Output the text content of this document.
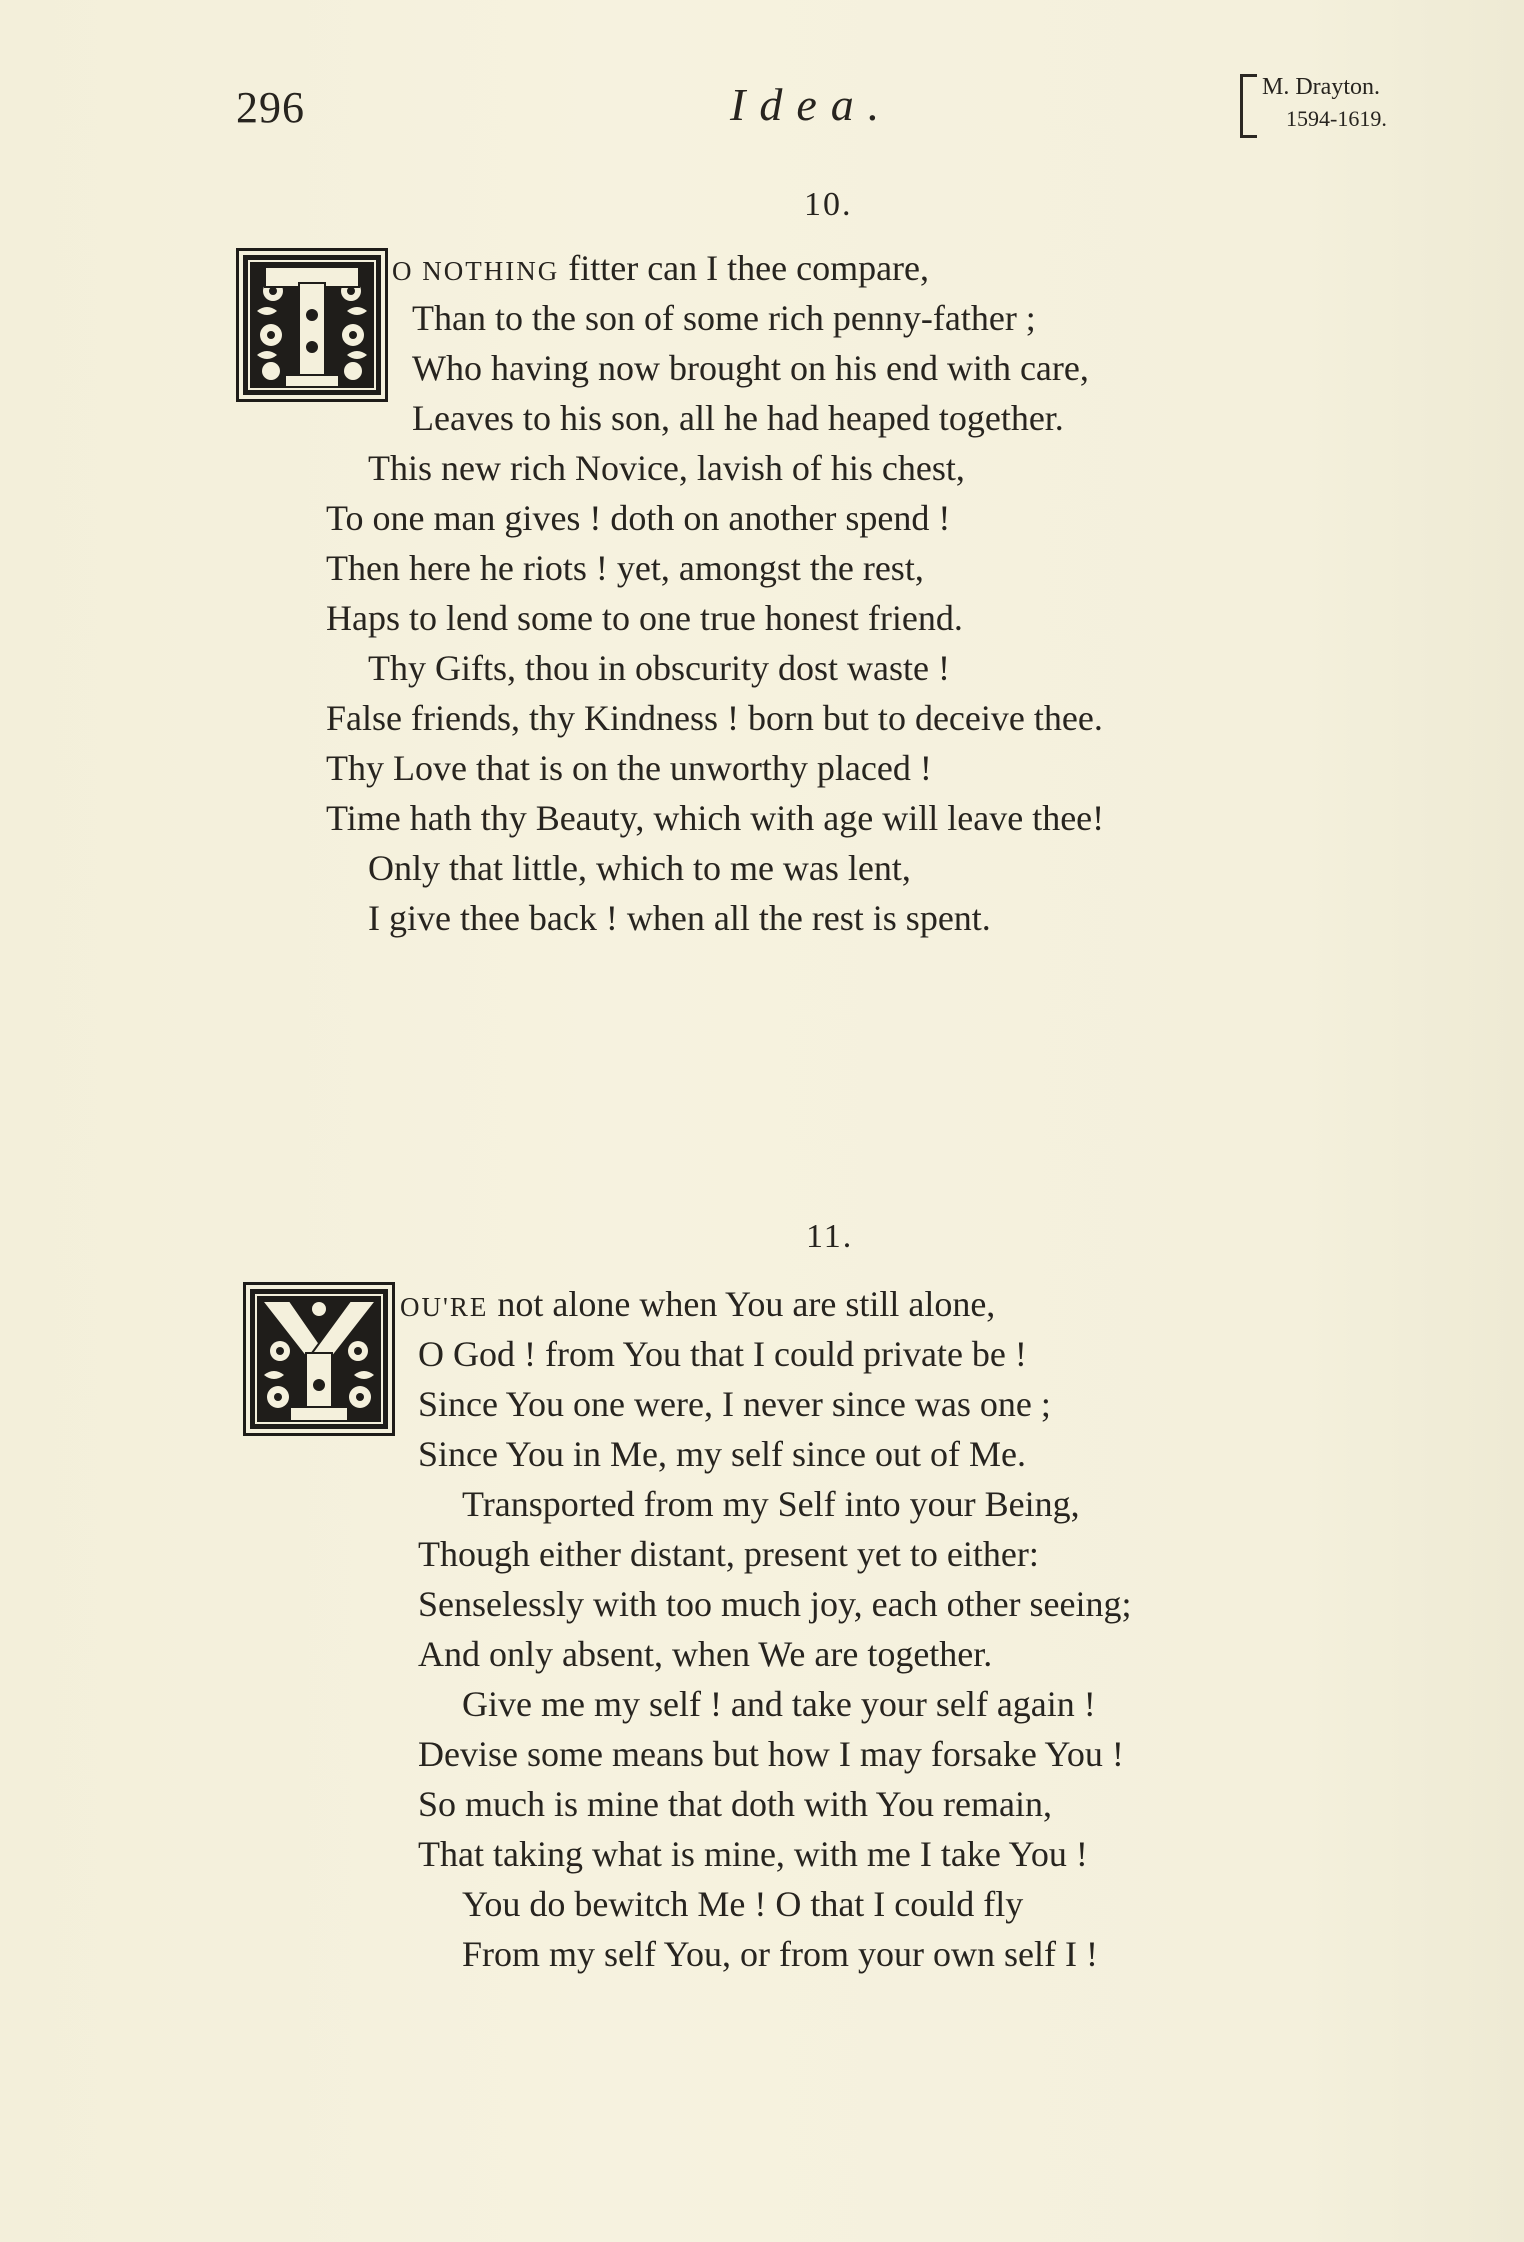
296	Idea.	M. Drayton.
1594-1619.
10.
O NOTHING fitter can I thee compare,
Than to the son of some rich penny-father ;
Who having now brought on his end with care,
Leaves to his son, all he had heaped together.
This new rich Novice, lavish of his chest,
To one man gives ! doth on another spend !
Then here he riots ! yet, amongst the rest,
Haps to lend some to one true honest friend.
Thy Gifts, thou in obscurity dost waste !
False friends, thy Kindness ! born but to deceive thee.
Thy Love that is on the unworthy placed !
Time hath thy Beauty, which with age will leave thee!
Only that little, which to me was lent,
I give thee back ! when all the rest is spent.
11.
OU'RE not alone when You are still alone,
O God ! from You that I could private be !
Since You one were, I never since was one ;
Since You in Me, my self since out of Me.
Transported from my Self into your Being,
Though either distant, present yet to either:
Senselessly with too much joy, each other seeing;
And only absent, when We are together.
Give me my self ! and take your self again !
Devise some means but how I may forsake You !
So much is mine that doth with You remain,
That taking what is mine, with me I take You !
You do bewitch Me ! O that I could fly
From my self You, or from your own self I !
